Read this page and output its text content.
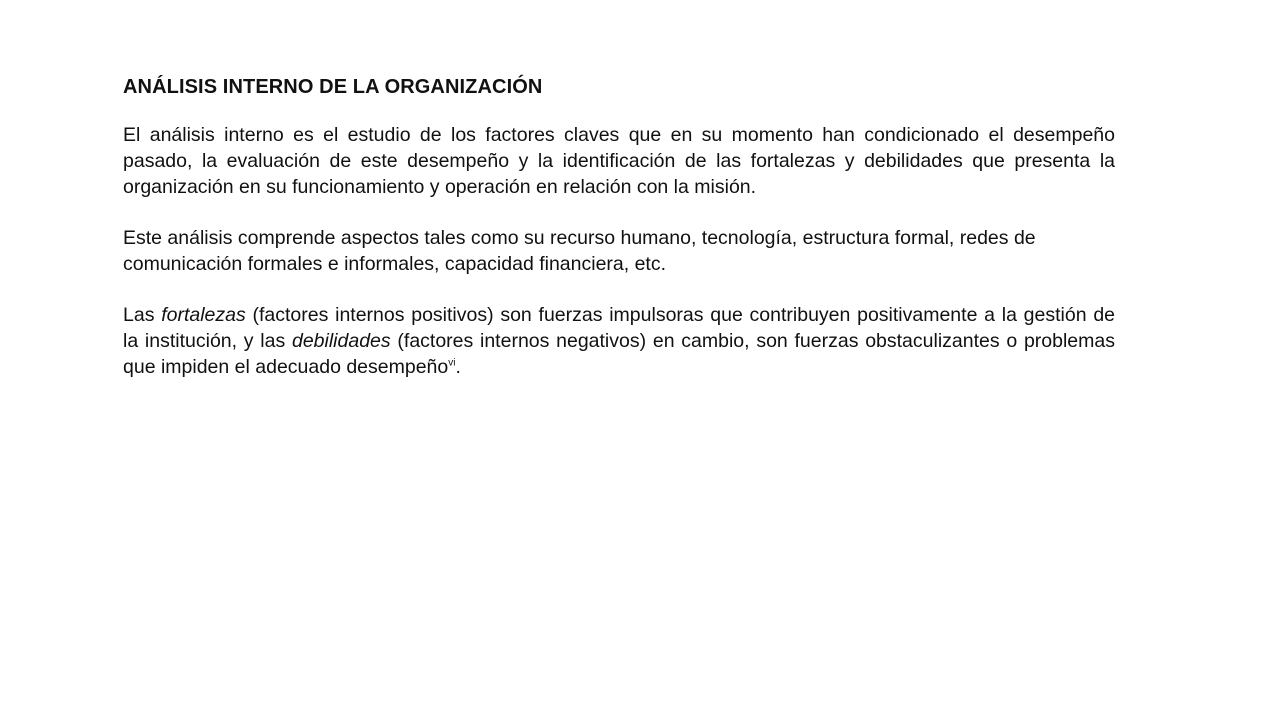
ANÁLISIS INTERNO DE LA ORGANIZACIÓN

El análisis interno es el estudio de los factores claves que en su momento han condicionado el desempeño pasado, la evaluación de este desempeño y la identificación de las fortalezas y debilidades que presenta la organización en su funcionamiento y operación en relación con la misión.

Este análisis comprende aspectos tales como su recurso humano, tecnología, estructura formal, redes de comunicación formales e informales, capacidad financiera, etc.

Las fortalezas (factores internos positivos) son fuerzas impulsoras que contribuyen positivamente a la gestión de la institución, y las debilidades (factores internos negativos) en cambio, son fuerzas obstaculizantes o problemas que impiden el adecuado desempeño$^{vi}$.
